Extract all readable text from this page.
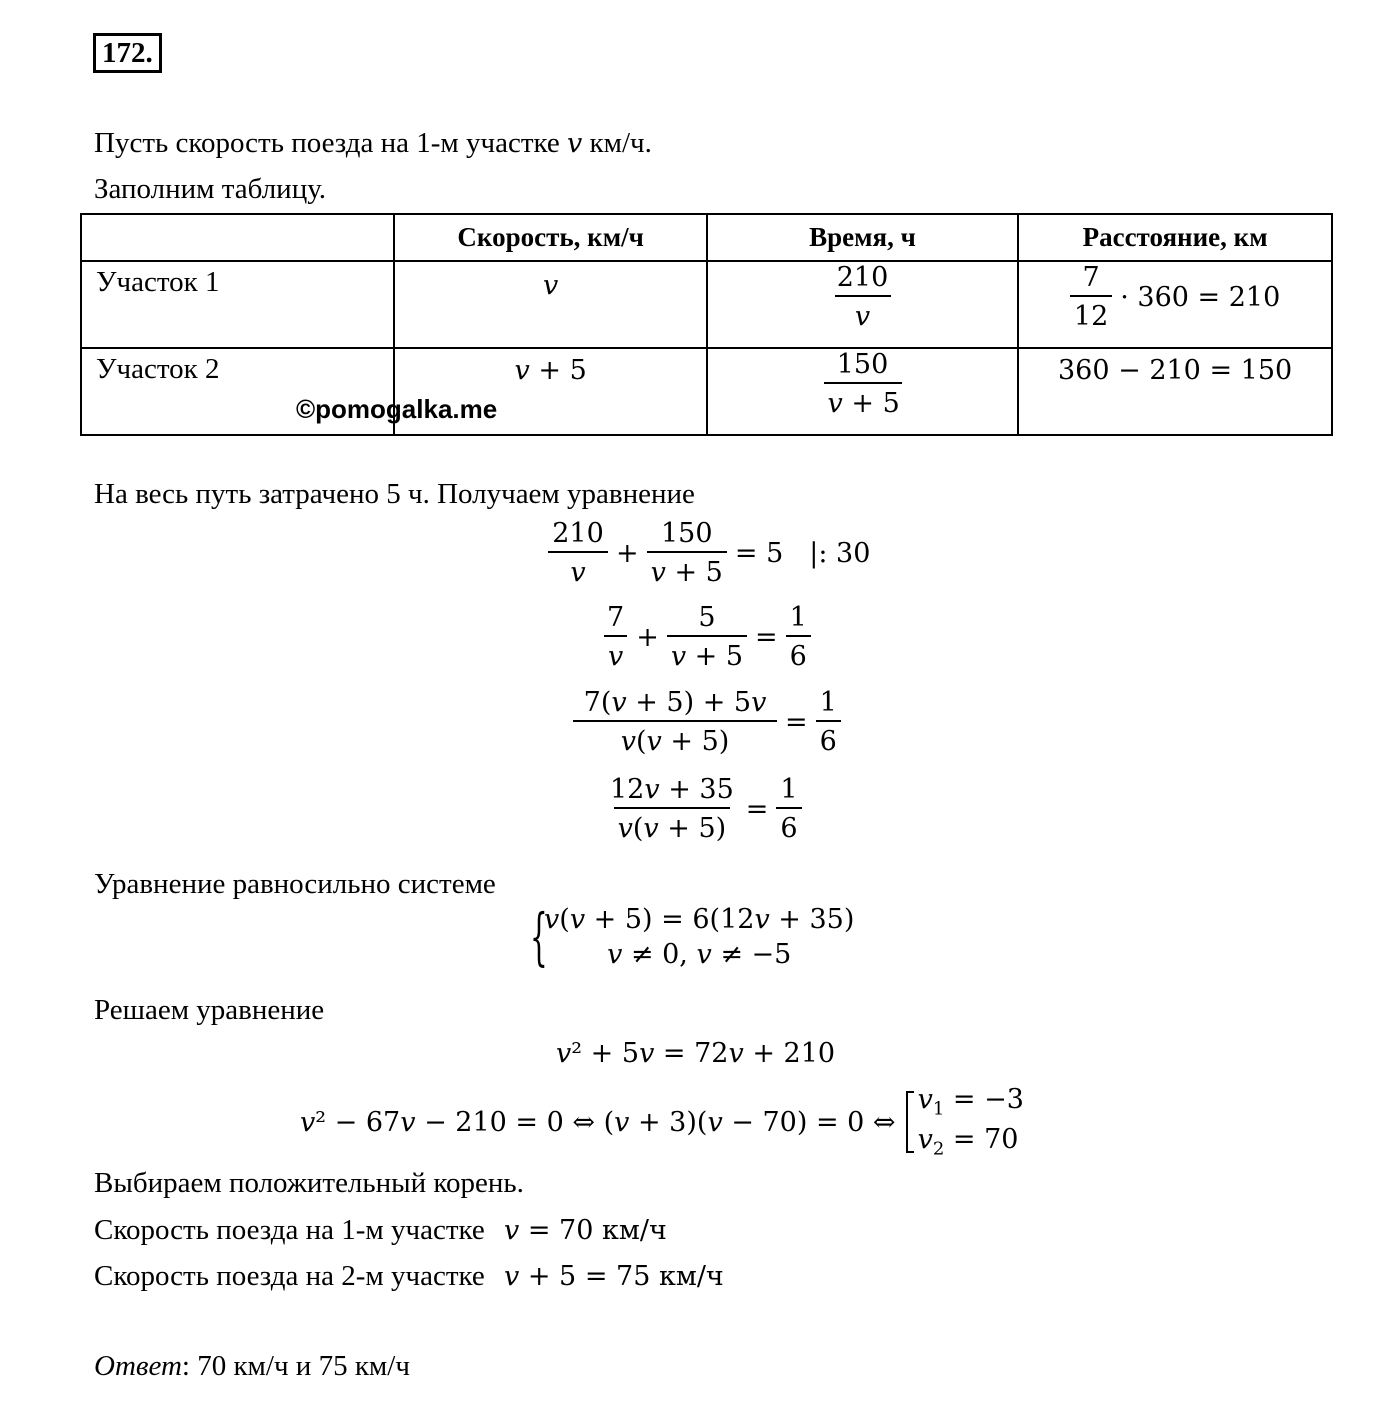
172.
Пусть скорость поезда на 1-м участке v км/ч.
Заполним таблицу.
	Скорость, км/ч	Время, ч	Расстояние, км
Участок 1	v	$\frac{210}{v}$	$\frac{7}{12} \cdot 360 = 210$

Участок 2	v + 5	$\frac{150}{v + 5}$	360 − 210 = 150
©pomogalka.me
На весь путь затрачено 5 ч. Получаем уравнение
$\frac{210}{v} + \frac{150}{v + 5} = 5$ |: 30
$\frac{7}{v} + \frac{5}{v + 5} = \frac{1}{6}$
$\frac{7(v + 5) + 5v}{v(v + 5)} = \frac{1}{6}$
$\frac{12v + 35}{v(v + 5)} = \frac{1}{6}$
Уравнение равносильно системе
{
v(v + 5) = 6(12v + 35)
v ≠ 0, v ≠ −5
Решаем уравнение
v² + 5v = 72v + 210
v² − 67v − 210 = 0 ⇔ (v + 3)(v − 70) = 0 ⇔
$v_1 = -3$
$v_2 = 70$
Выбираем положительный корень.
Скорость поезда на 1-м участке v = 70 км/ч
Скорость поезда на 2-м участке v + 5 = 75 км/ч
Ответ: 70 км/ч и 75 км/ч
